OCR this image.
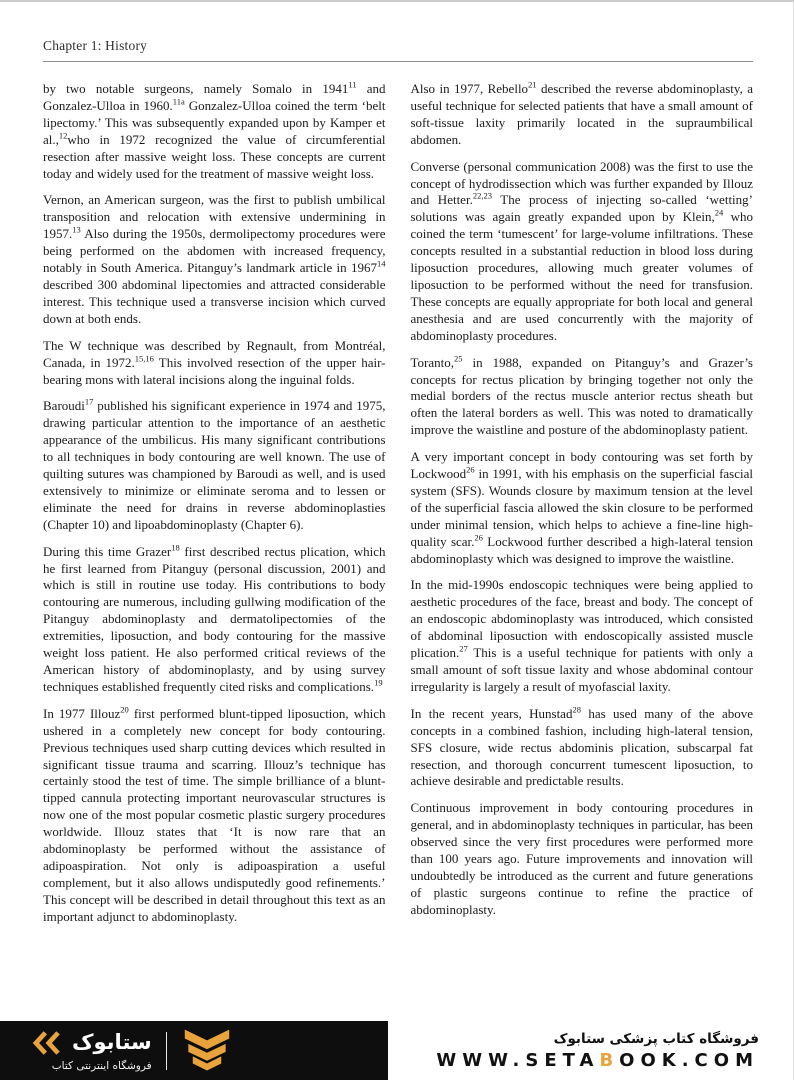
Chapter 1: History

by two notable surgeons, namely Somalo in 1941$^{11}$ and Gonzalez-Ulloa in 1960.$^{11a}$ Gonzalez-Ulloa coined the term ‘belt lipectomy.’ This was subsequently expanded upon by Kamper et al.,$^{12}$who in 1972 recognized the value of circumferential resection after massive weight loss. These concepts are current today and widely used for the treatment of massive weight loss.

Vernon, an American surgeon, was the first to publish umbilical transposition and relocation with extensive undermining in 1957.13 Also during the 1950s, dermolipectomy procedures were being performed on the abdomen with increased frequency, notably in South America. Pitanguy’s landmark article in 1967$^{14}$ described 300 abdominal lipectomies and attracted considerable interest. This technique used a transverse incision which curved down at both ends.

The W technique was described by Regnault, from Montréal, Canada, in 1972.$^{15,16}$ This involved resection of the upper hair-bearing mons with lateral incisions along the inguinal folds.

Baroudi$^{17}$ published his significant experience in 1974 and 1975, drawing particular attention to the importance of an aesthetic appearance of the umbilicus. His many significant contributions to all techniques in body contouring are well known. The use of quilting sutures was championed by Baroudi as well, and is used extensively to minimize or eliminate seroma and to lessen or eliminate the need for drains in reverse abdominoplasties (Chapter 10) and lipoabdominoplasty (Chapter 6).

During this time Grazer$^{18}$ first described rectus plication, which he first learned from Pitanguy (personal discussion, 2001) and which is still in routine use today. His contributions to body contouring are numerous, including gullwing modification of the Pitanguy abdominoplasty and dermatolipectomies of the extremities, liposuction, and body contouring for the massive weight loss patient. He also performed critical reviews of the American history of abdominoplasty, and by using survey techniques established frequently cited risks and complications.$^{19}$

In 1977 Illouz$^{20}$ first performed blunt-tipped liposuction, which ushered in a completely new concept for body contouring. Previous techniques used sharp cutting devices which resulted in significant tissue trauma and scarring. Illouz’s technique has certainly stood the test of time. The simple brilliance of a blunt-tipped cannula protecting important neurovascular structures is now one of the most popular cosmetic plastic surgery procedures worldwide. Illouz states that ‘It is now rare that an abdominoplasty be performed without the assistance of adipoaspiration. Not only is adipoaspiration a useful complement, but it also allows undisputedly good refinements.’ This concept will be described in detail throughout this text as an important adjunct to abdominoplasty.

Also in 1977, Rebello$^{21}$ described the reverse abdominoplasty, a useful technique for selected patients that have a small amount of soft-tissue laxity primarily located in the supraumbilical abdomen.

Converse (personal communication 2008) was the first to use the concept of hydrodissection which was further expanded by Illouz and Hetter.$^{22,23}$ The process of injecting so-called ‘wetting’ solutions was again greatly expanded upon by Klein,$^{24}$ who coined the term ‘tumescent’ for large-volume infiltrations. These concepts resulted in a substantial reduction in blood loss during liposuction procedures, allowing much greater volumes of liposuction to be performed without the need for transfusion. These concepts are equally appropriate for both local and general anesthesia and are used concurrently with the majority of abdominoplasty procedures.

Toranto,$^{25}$ in 1988, expanded on Pitanguy’s and Grazer’s concepts for rectus plication by bringing together not only the medial borders of the rectus muscle anterior rectus sheath but often the lateral borders as well. This was noted to dramatically improve the waistline and posture of the abdominoplasty patient.

A very important concept in body contouring was set forth by Lockwood$^{26}$ in 1991, with his emphasis on the superficial fascial system (SFS). Wounds closure by maximum tension at the level of the superficial fascia allowed the skin closure to be performed under minimal tension, which helps to achieve a fine-line high-quality scar.$^{26}$ Lockwood further described a high-lateral tension abdominoplasty which was designed to improve the waistline.

In the mid-1990s endoscopic techniques were being applied to aesthetic procedures of the face, breast and body. The concept of an endoscopic abdominoplasty was introduced, which consisted of abdominal liposuction with endoscopically assisted muscle plication.$^{27}$ This is a useful technique for patients with only a small amount of soft tissue laxity and whose abdominal contour irregularity is largely a result of myofascial laxity.

In the recent years, Hunstad$^{28}$ has used many of the above concepts in a combined fashion, including high-lateral tension, SFS closure, wide rectus abdominis plication, subscarpal fat resection, and thorough concurrent tumescent liposuction, to achieve desirable and predictable results.

Continuous improvement in body contouring procedures in general, and in abdominoplasty techniques in particular, has been observed since the very first procedures were performed more than 100 years ago. Future improvements and innovation will undoubtedly be introduced as the current and future generations of plastic surgeons continue to refine the practice of abdominoplasty.

ستابوک
فروشگاه اینترنتی کتاب
فروشگاه کتاب پزشکی ستابوک
WWW.SETABOOK.COM
